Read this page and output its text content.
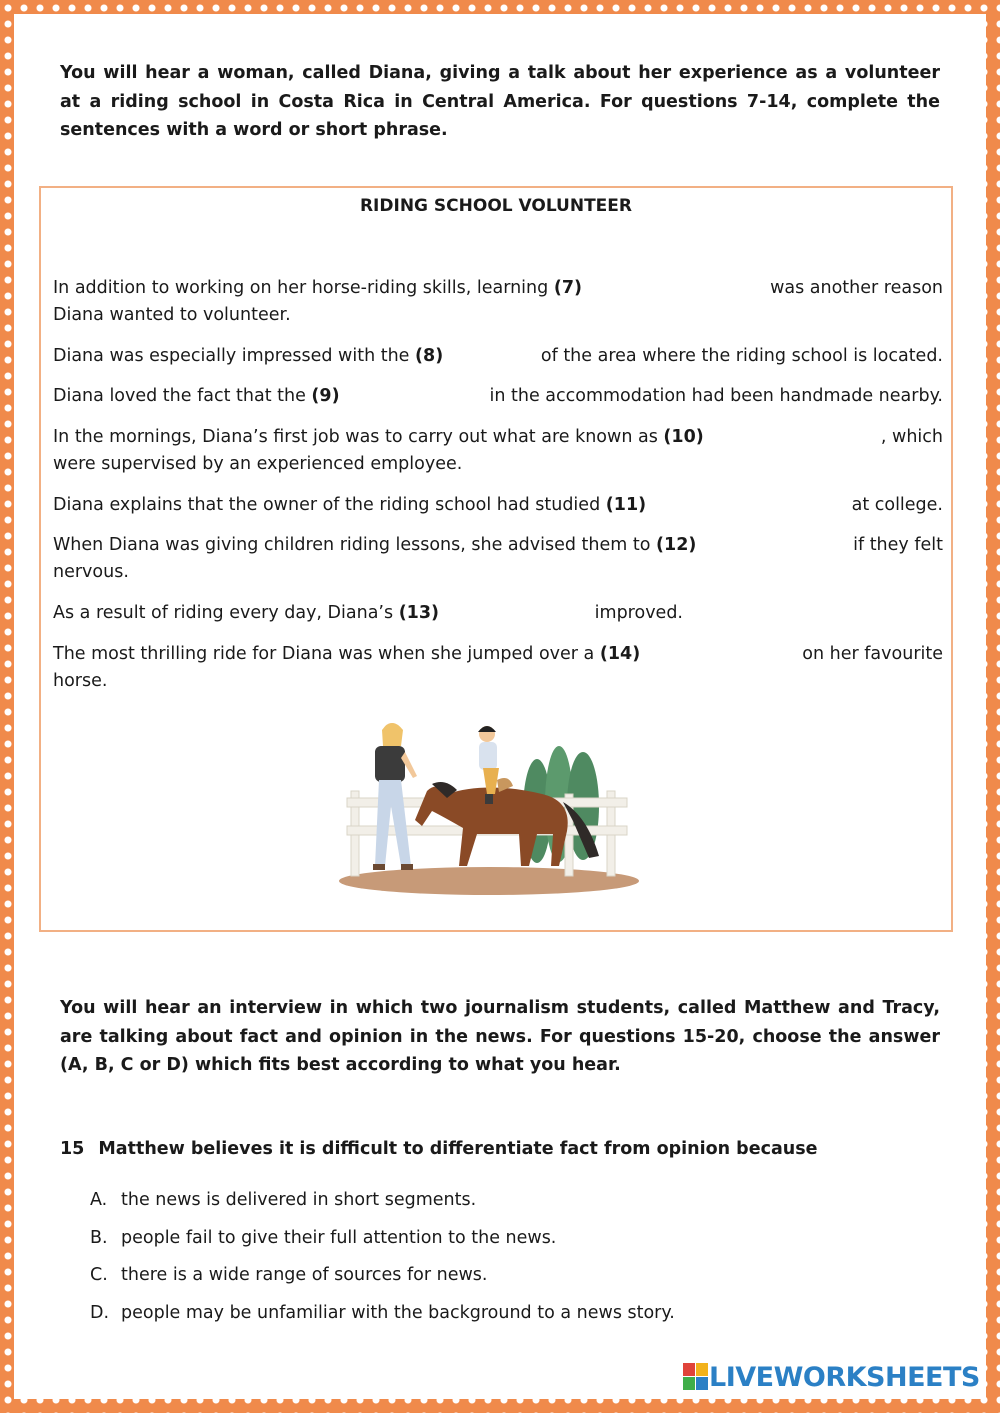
You will hear a woman, called Diana, giving a talk about her experience as a volunteer at a riding school in Costa Rica in Central America. For questions 7-14, complete the sentences with a word or short phrase.

RIDING SCHOOL VOLUNTEER
In addition to working on her horse-riding skills, learning (7)	was another reason
Diana wanted to volunteer.
Diana was especially impressed with the (8)	of the area where the riding school is located.
Diana loved the fact that the (9)	in the accommodation had been handmade nearby.
In the mornings, Diana’s first job was to carry out what are known as (10)	, which
were supervised by an experienced employee.
Diana explains that the owner of the riding school had studied (11)	at college.
When Diana was giving children riding lessons, she advised them to (12)	if they felt
nervous.
As a result of riding every day, Diana’s (13)	improved.
The most thrilling ride for Diana was when she jumped over a (14)	on her favourite
horse.

You will hear an interview in which two journalism students, called Matthew and Tracy, are talking about fact and opinion in the news. For questions 15-20, choose the answer (A, B, C or D) which fits best according to what you hear.

15 Matthew believes it is difficult to differentiate fact from opinion because

A. the news is delivered in short segments.

B. people fail to give their full attention to the news.

C. there is a wide range of sources for news.

D. people may be unfamiliar with the background to a news story.

LIVEWORKSHEETS
